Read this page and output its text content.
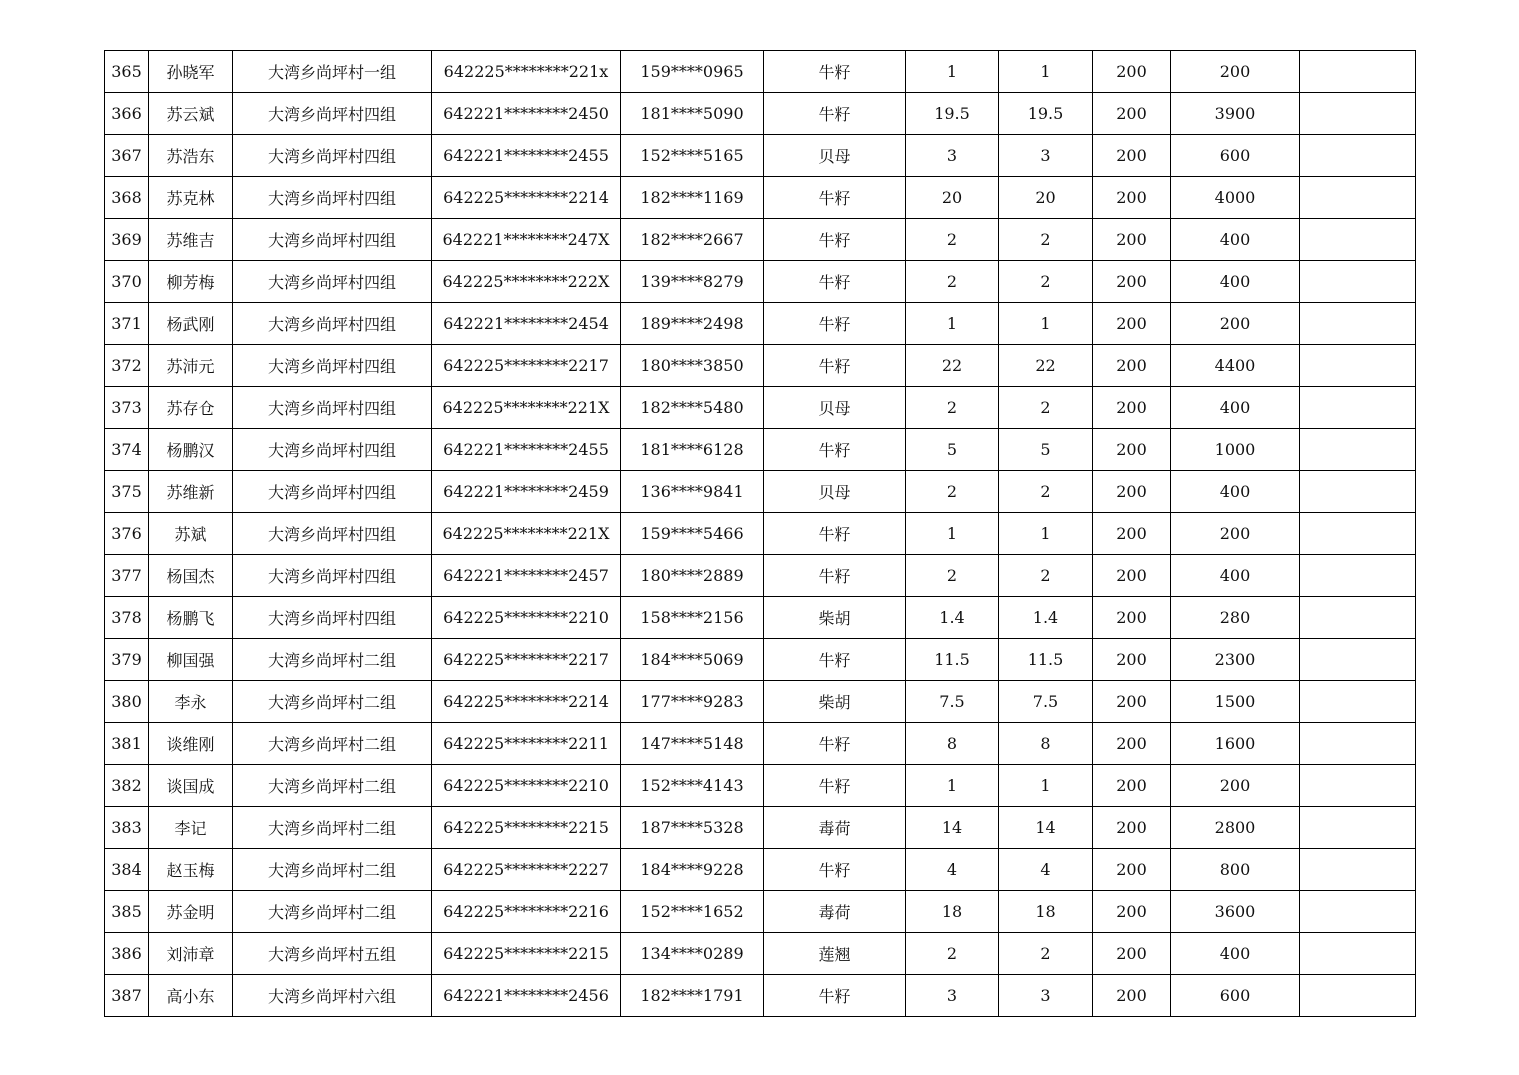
365	孙晓军	大湾乡尚坪村一组	642225********221x	159****0965	牛籽	1	1	200	200	
366	苏云斌	大湾乡尚坪村四组	642221********2450	181****5090	牛籽	19.5	19.5	200	3900	
367	苏浩东	大湾乡尚坪村四组	642221********2455	152****5165	贝母	3	3	200	600	
368	苏克林	大湾乡尚坪村四组	642225********2214	182****1169	牛籽	20	20	200	4000	
369	苏维吉	大湾乡尚坪村四组	642221********247X	182****2667	牛籽	2	2	200	400	
370	柳芳梅	大湾乡尚坪村四组	642225********222X	139****8279	牛籽	2	2	200	400	
371	杨武刚	大湾乡尚坪村四组	642221********2454	189****2498	牛籽	1	1	200	200	
372	苏沛元	大湾乡尚坪村四组	642225********2217	180****3850	牛籽	22	22	200	4400	
373	苏存仓	大湾乡尚坪村四组	642225********221X	182****5480	贝母	2	2	200	400	
374	杨鹏汉	大湾乡尚坪村四组	642221********2455	181****6128	牛籽	5	5	200	1000	
375	苏维新	大湾乡尚坪村四组	642221********2459	136****9841	贝母	2	2	200	400	
376	苏斌	大湾乡尚坪村四组	642225********221X	159****5466	牛籽	1	1	200	200	
377	杨国杰	大湾乡尚坪村四组	642221********2457	180****2889	牛籽	2	2	200	400	
378	杨鹏飞	大湾乡尚坪村四组	642225********2210	158****2156	柴胡	1.4	1.4	200	280	
379	柳国强	大湾乡尚坪村二组	642225********2217	184****5069	牛籽	11.5	11.5	200	2300	
380	李永	大湾乡尚坪村二组	642225********2214	177****9283	柴胡	7.5	7.5	200	1500	
381	谈维刚	大湾乡尚坪村二组	642225********2211	147****5148	牛籽	8	8	200	1600	
382	谈国成	大湾乡尚坪村二组	642225********2210	152****4143	牛籽	1	1	200	200	
383	李记	大湾乡尚坪村二组	642225********2215	187****5328	毒荷	14	14	200	2800	
384	赵玉梅	大湾乡尚坪村二组	642225********2227	184****9228	牛籽	4	4	200	800	
385	苏金明	大湾乡尚坪村二组	642225********2216	152****1652	毒荷	18	18	200	3600	
386	刘沛章	大湾乡尚坪村五组	642225********2215	134****0289	莲翘	2	2	200	400	
387	高小东	大湾乡尚坪村六组	642221********2456	182****1791	牛籽	3	3	200	600	
